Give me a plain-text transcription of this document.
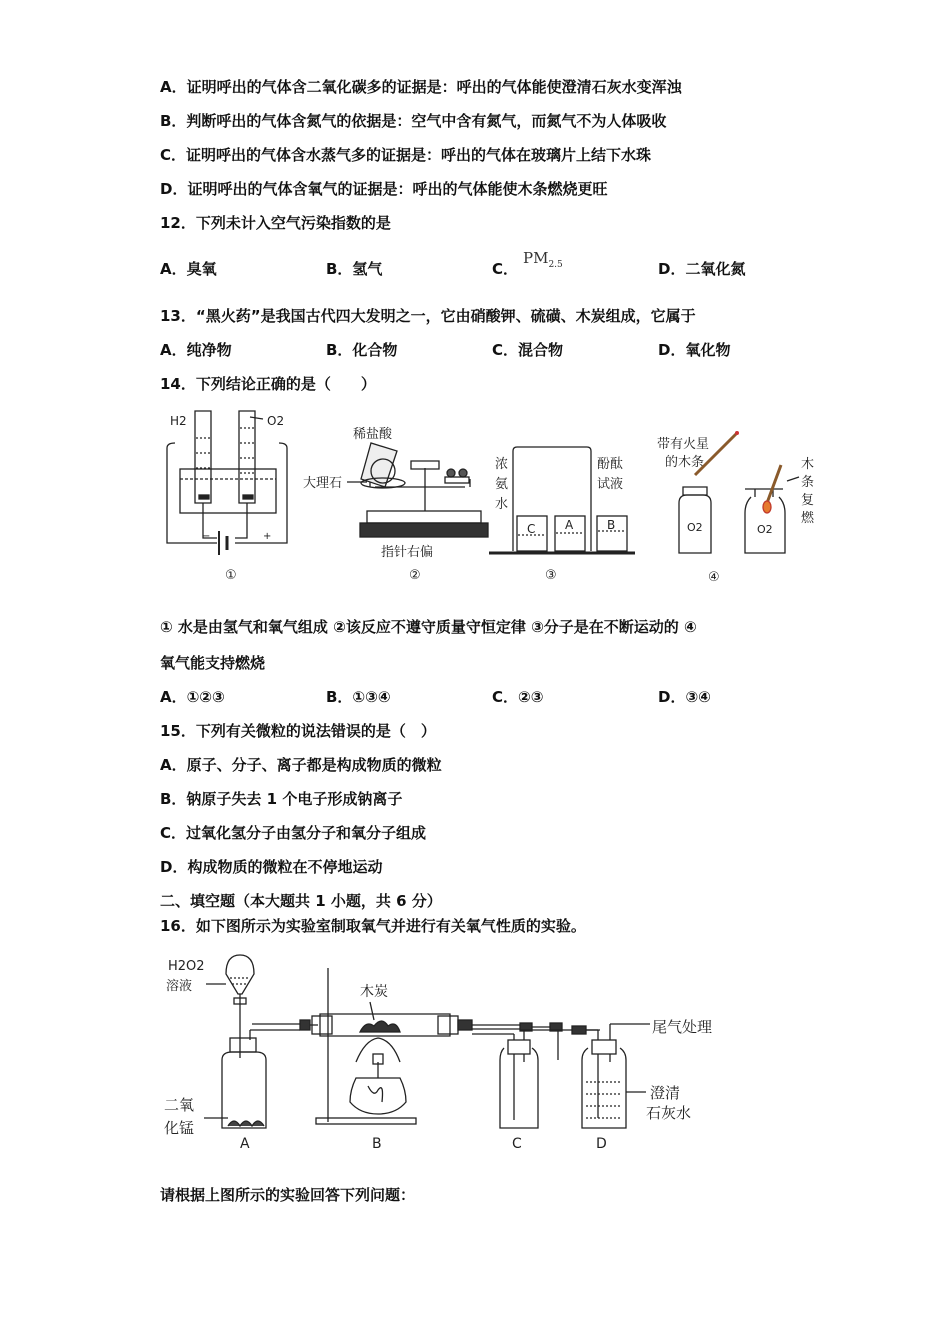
A．证明呼出的气体含二氧化碳多的证据是：呼出的气体能使澄清石灰水变浑浊
B．判断呼出的气体含氮气的依据是：空气中含有氮气，而氮气不为人体吸收
C．证明呼出的气体含水蒸气多的证据是：呼出的气体在玻璃片上结下水珠
D．证明呼出的气体含氧气的证据是：呼出的气体能使木条燃烧更旺
12．下列未计入空气污染指数的是
A．臭氧	B．氢气	C．
$PM_{2.5}$	D．二氧化氮
13．“黑火药”是我国古代四大发明之一，它由硝酸钾、硫磺、木炭组成，它属于
A．纯净物	B．化合物	C．混合物	D．氧化物
14．下列结论正确的是（　　）
H2	O2
−	+
①
稀盐酸
大理石
指针右偏
②
浓
氨
水
酚酞
试液
C A	B
③
带有火星
的木条
O2	O2
木
条
复
燃
④
① 水是由氢气和氧气组成 ②该反应不遵守质量守恒定律 ③分子是在不断运动的 ④
氧气能支持燃烧
A．①②③	B．①③④	C．②③	D．③④
15．下列有关微粒的说法错误的是（　）
A．原子、分子、离子都是构成物质的微粒
B．钠原子失去 1 个电子形成钠离子
C．过氧化氢分子由氢分子和氧分子组成
D．构成物质的微粒在不停地运动
二、填空题（本大题共 1 小题，共 6 分）
16．如下图所示为实验室制取氧气并进行有关氧气性质的实验。
H2O2
溶液
二氧
化锰
A
木炭
B	C	D
澄清
石灰水
尾气处理
请根据上图所示的实验回答下列问题：
